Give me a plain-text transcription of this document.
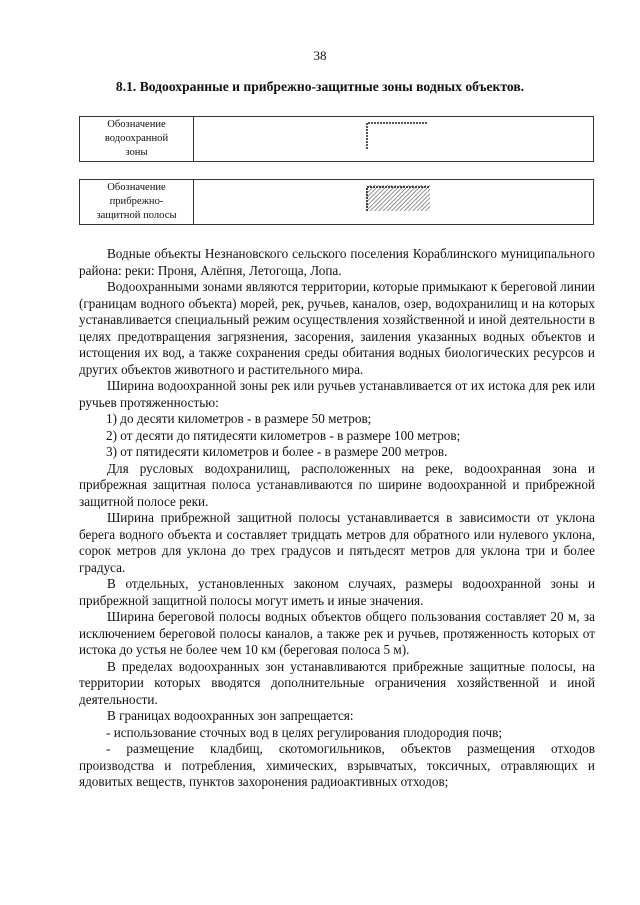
38
8.1. Водоохранные и прибрежно-защитные зоны водных объектов.
Обозначение
водоохранной
зоны
Обозначение
прибрежно-
защитной полосы

Водные объекты Незнановского сельского поселения Кораблинского муниципального района: реки: Проня, Алёпня, Летогоща, Лопа.

Водоохранными зонами являются территории, которые примыкают к береговой линии (границам водного объекта) морей, рек, ручьев, каналов, озер, водохранилищ и на которых устанавливается специальный режим осуществления хозяйственной и иной деятельности в целях предотвращения загрязнения, засорения, заиления указанных водных объектов и истощения их вод, а также сохранения среды обитания водных биологических ресурсов и других объектов животного и растительного мира.

Ширина водоохранной зоны рек или ручьев устанавливается от их истока для рек или ручьев протяженностью:

1) до десяти километров - в размере 50 метров;

2) от десяти до пятидесяти километров - в размере 100 метров;

3) от пятидесяти километров и более - в размере 200 метров.

Для русловых водохранилищ, расположенных на реке, водоохранная зона и прибрежная защитная полоса устанавливаются по ширине водоохранной и прибрежной защитной полосе реки.

Ширина прибрежной защитной полосы устанавливается в зависимости от уклона берега водного объекта и составляет тридцать метров для обратного или нулевого уклона, сорок метров для уклона до трех градусов и пятьдесят метров для уклона три и более градуса.

В отдельных, установленных законом случаях, размеры водоохранной зоны и прибрежной защитной полосы могут иметь и иные значения.

Ширина береговой полосы водных объектов общего пользования составляет 20 м, за исключением береговой полосы каналов, а также рек и ручьев, протяженность которых от истока до устья не более чем 10 км (береговая полоса 5 м).

В пределах водоохранных зон устанавливаются прибрежные защитные полосы, на территории которых вводятся дополнительные ограничения хозяйственной и иной деятельности.

В границах водоохранных зон запрещается:

- использование сточных вод в целях регулирования плодородия почв;

- размещение кладбищ, скотомогильников, объектов размещения отходов производства и потребления, химических, взрывчатых, токсичных, отравляющих и ядовитых веществ, пунктов захоронения радиоактивных отходов;
